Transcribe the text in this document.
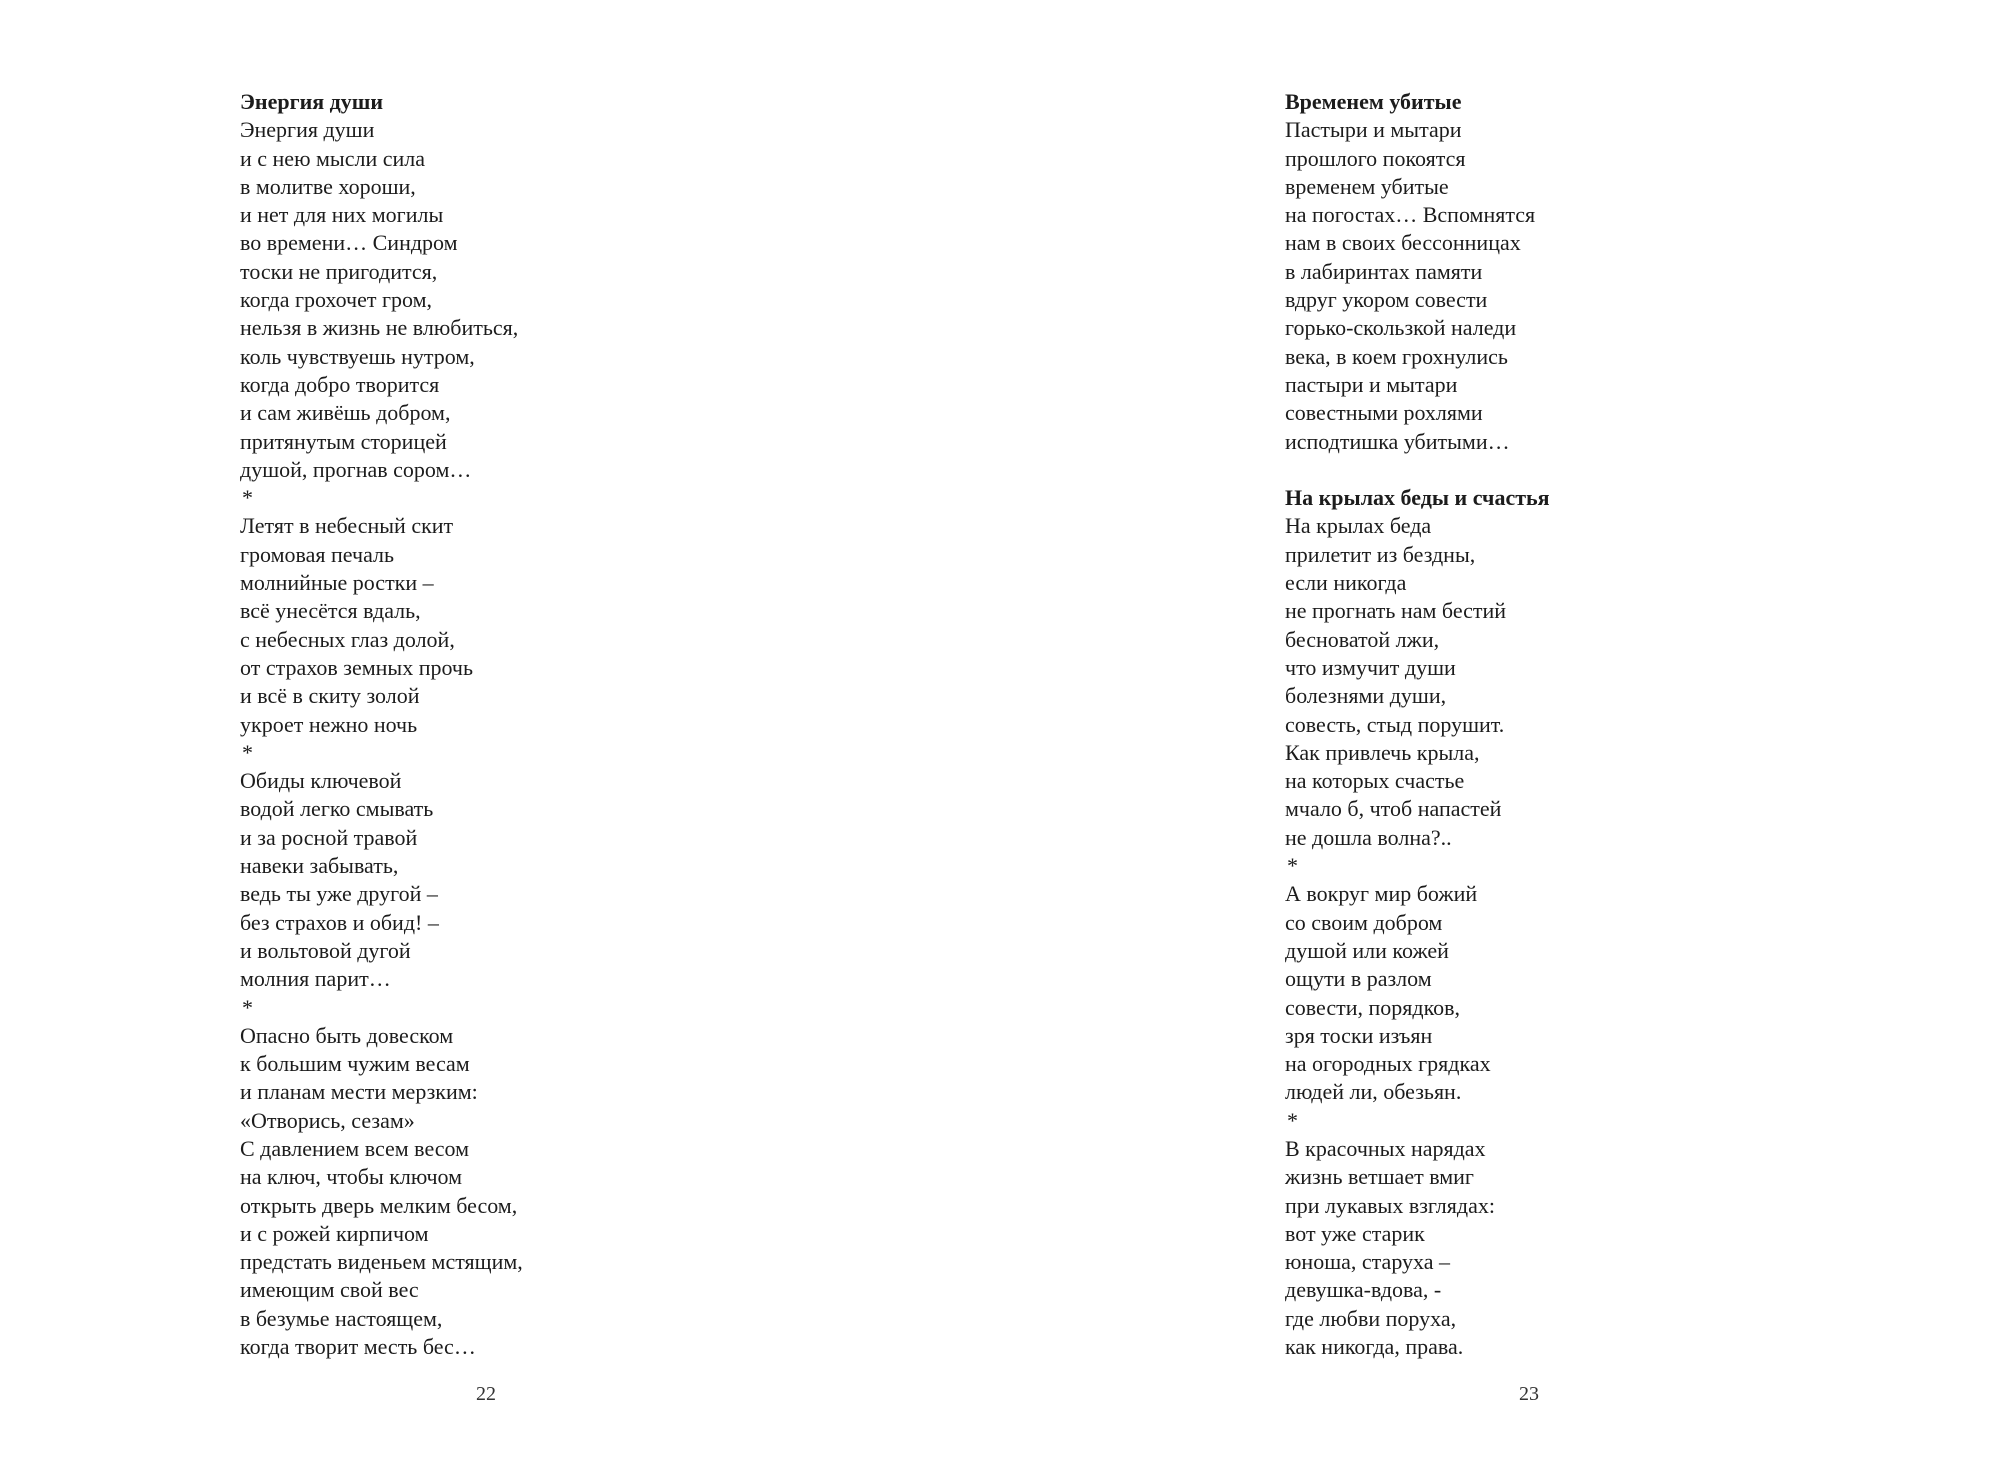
Энергия души
Энергия души
и с нею мысли сила
в молитве хороши,
и нет для них могилы
во времени… Синдром
тоски не пригодится,
когда грохочет гром,
нельзя в жизнь не влюбиться,
коль чувствуешь нутром,
когда добро творится
и сам живёшь добром,
притянутым сторицей
душой, прогнав сором…
*
Летят в небесный скит
громовая печаль
молнийные ростки –
всё унесётся вдаль,
с небесных глаз долой,
от страхов земных прочь
и всё в скиту золой
укроет нежно ночь
*
Обиды ключевой
водой легко смывать
и за росной травой
навеки забывать,
ведь ты уже другой –
без страхов и обид! –
и вольтовой дугой
молния парит…
*
Опасно быть довеском
к большим чужим весам
и планам мести мерзким:
«Отворись, сезам»
С давлением всем весом
на ключ, чтобы ключом
открыть дверь мелким бесом,
и с рожей кирпичом
предстать виденьем мстящим,
имеющим свой вес
в безумье настоящем,
когда творит месть бес…
22
Временем убитые
Пастыри и мытари
прошлого покоятся
временем убитые
на погостах… Вспомнятся
нам в своих бессонницах
в лабиринтах памяти
вдруг укором совести
горько-скользкой наледи
века, в коем грохнулись
пастыри и мытари
совестными рохлями
исподтишка убитыми…
На крылах беды и счастья
На крылах беда
прилетит из бездны,
если никогда
не прогнать нам бестий
бесноватой лжи,
что измучит души
болезнями души,
совесть, стыд порушит.
Как привлечь крыла,
на которых счастье
мчало б, чтоб напастей
не дошла волна?..
*
А вокруг мир божий
со своим добром
душой или кожей
ощути в разлом
совести, порядков,
зря тоски изъян
на огородных грядках
людей ли, обезьян.
*
В красочных нарядах
жизнь ветшает вмиг
при лукавых взглядах:
вот уже старик
юноша, старуха –
девушка-вдова, -
где любви поруха,
как никогда, права.
23
